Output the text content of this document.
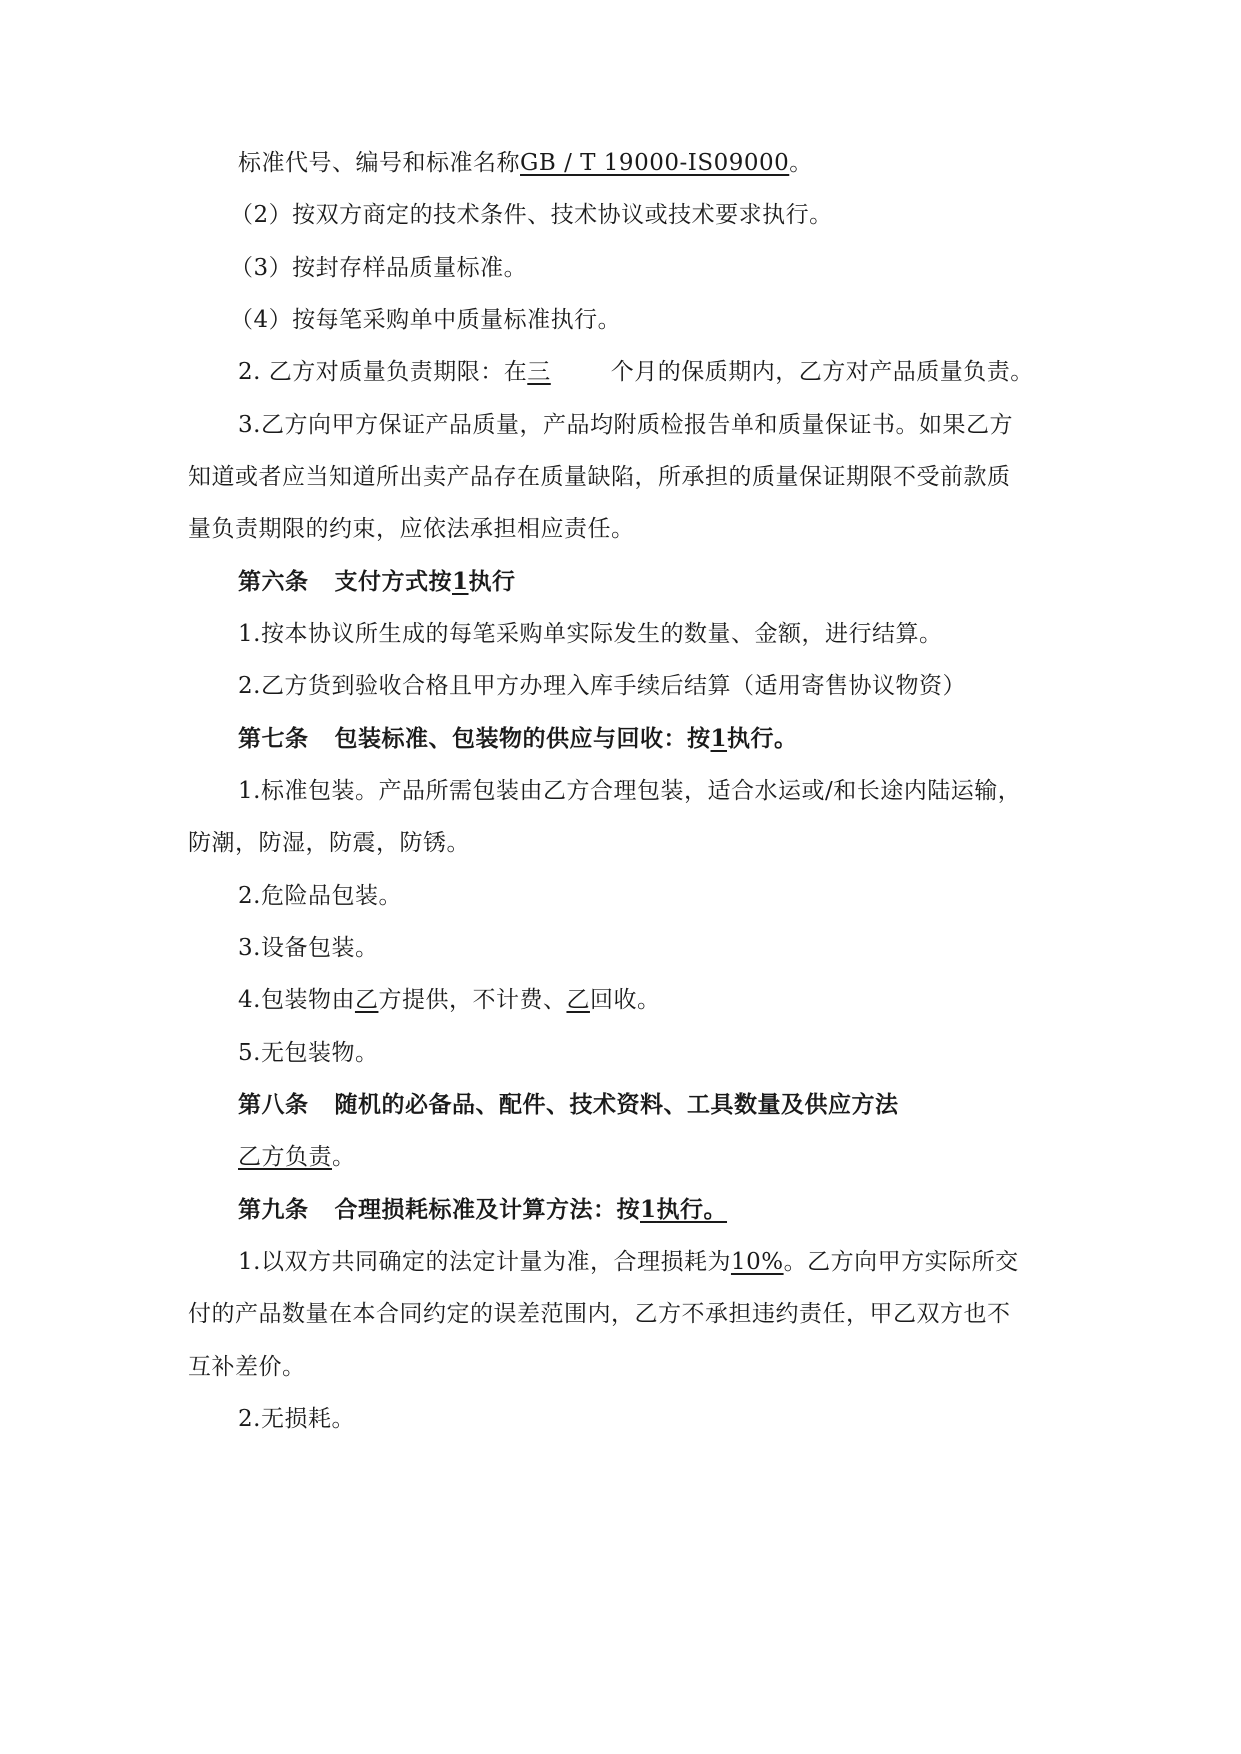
标准代号、编号和标准名称GB / T 19000-IS09000。
（2）按双方商定的技术条件、技术协议或技术要求执行。
（3）按封存样品质量标准。
（4）按每笔采购单中质量标准执行。
2. 乙方对质量负责期限：在三	个月的保质期内，乙方对产品质量负责。
3.乙方向甲方保证产品质量，产品均附质检报告单和质量保证书。如果乙方
知道或者应当知道所出卖产品存在质量缺陷，所承担的质量保证期限不受前款质
量负责期限的约束，应依法承担相应责任。
第六条 支付方式按1执行
1.按本协议所生成的每笔采购单实际发生的数量、金额，进行结算。
2.乙方货到验收合格且甲方办理入库手续后结算（适用寄售协议物资）
第七条 包装标准、包装物的供应与回收：按1执行。
1.标准包装。产品所需包装由乙方合理包装，适合水运或/和长途内陆运输，
防潮，防湿，防震，防锈。
2.危险品包装。
3.设备包装。
4.包装物由乙方提供，不计费、乙回收。
5.无包装物。
第八条 随机的必备品、配件、技术资料、工具数量及供应方法
乙方负责。
第九条 合理损耗标准及计算方法：按1执行。
1.以双方共同确定的法定计量为准，合理损耗为10%。乙方向甲方实际所交
付的产品数量在本合同约定的误差范围内，乙方不承担违约责任，甲乙双方也不
互补差价。
2.无损耗。
